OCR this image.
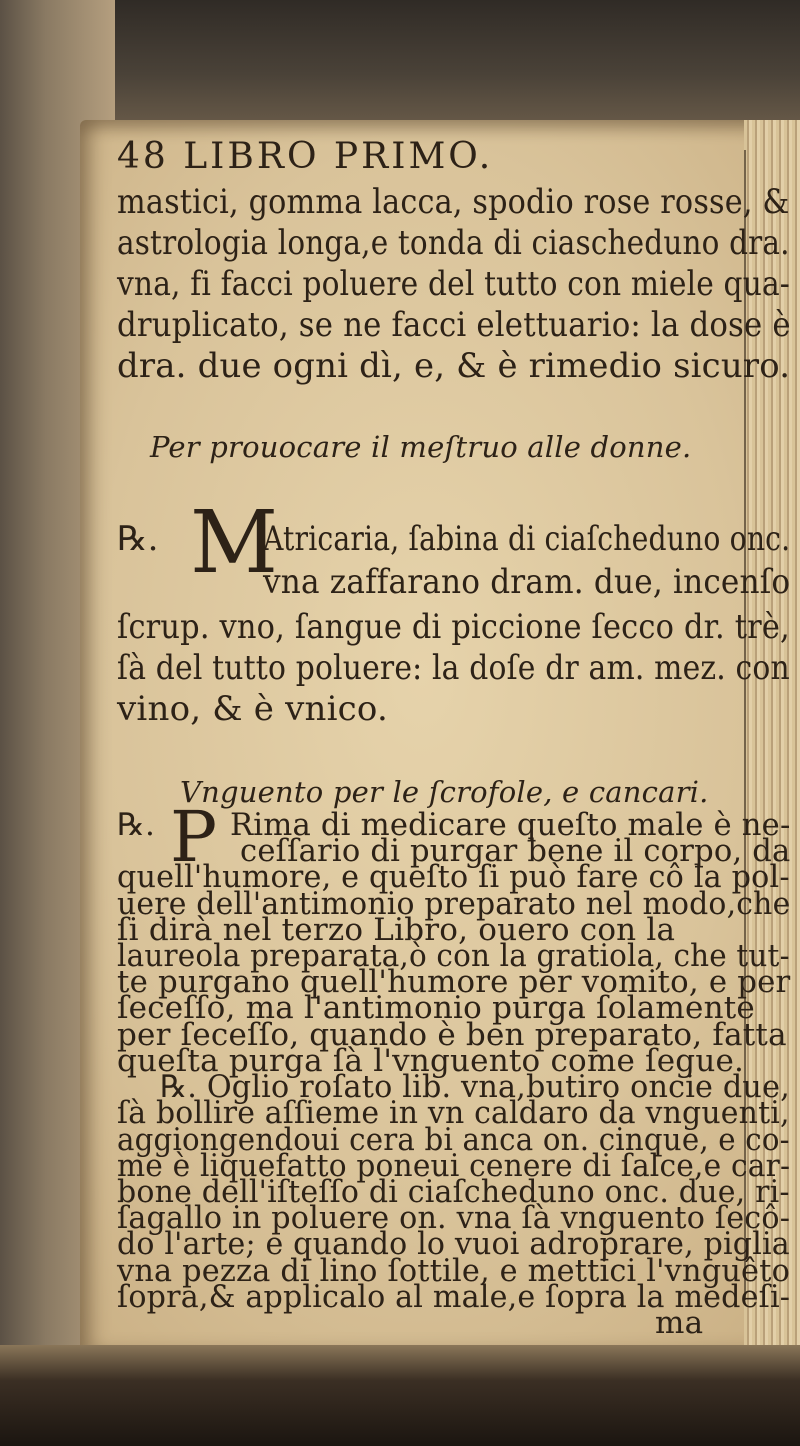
48 LIBRO PRIMO.
mastici, gomma lacca, spodio rose rosse, &
astrologia longa,e tonda di ciascheduno dra.
vna, fi facci poluere del tutto con miele qua-
druplicato, se ne facci elettuario: la dose è
dra. due ogni dì, e, & è rimedio sicuro.
Per prouocare il meſtruo alle donne.
℞. M
Atricaria, ſabina di ciaſcheduno onc.
vna zaffarano dram. due, incenſo
ſcrup. vno, ſangue di piccione ſecco dr. trè,
ſà del tutto poluere: la doſe dr am. mez. con
vino, & è vnico.
Vnguento per le ſcrofole, e cancari.
℞. P Rima di medicare queſto male è ne-
ceſſario di purgar bene il corpo, da
quell'humore, e queſto ſi può fare cô la pol-
uere dell'antimonio preparato nel modo,che
ſi dirà nel terzo Libro, ouero con la
laureola preparata,ò con la gratiola, che tut-
te purgano quell'humore per vomito, e per
ſeceſſo, ma l'antimonio purga ſolamente
per ſeceſſo, quando è ben preparato, fatta
queſta purga ſà l'vnguento come ſegue.
℞. Oglio roſato lib. vna,butiro oncie due,
ſà bollire aſſieme in vn caldaro da vnguenti,
aggiongendoui cera bi anca on. cinque, e co-
me è liquefatto poneui cenere di ſalce,e car-
bone dell'iſteſſo di ciaſcheduno onc. due, ri-
ſagallo in poluere on. vna ſà vnguento ſecô-
do l'arte; e quando lo vuoi adroprare, piglia
vna pezza di lino ſottile, e mettici l'vnguêto
ſopra,& applicalo al male,e ſopra la medeſi-
ma
